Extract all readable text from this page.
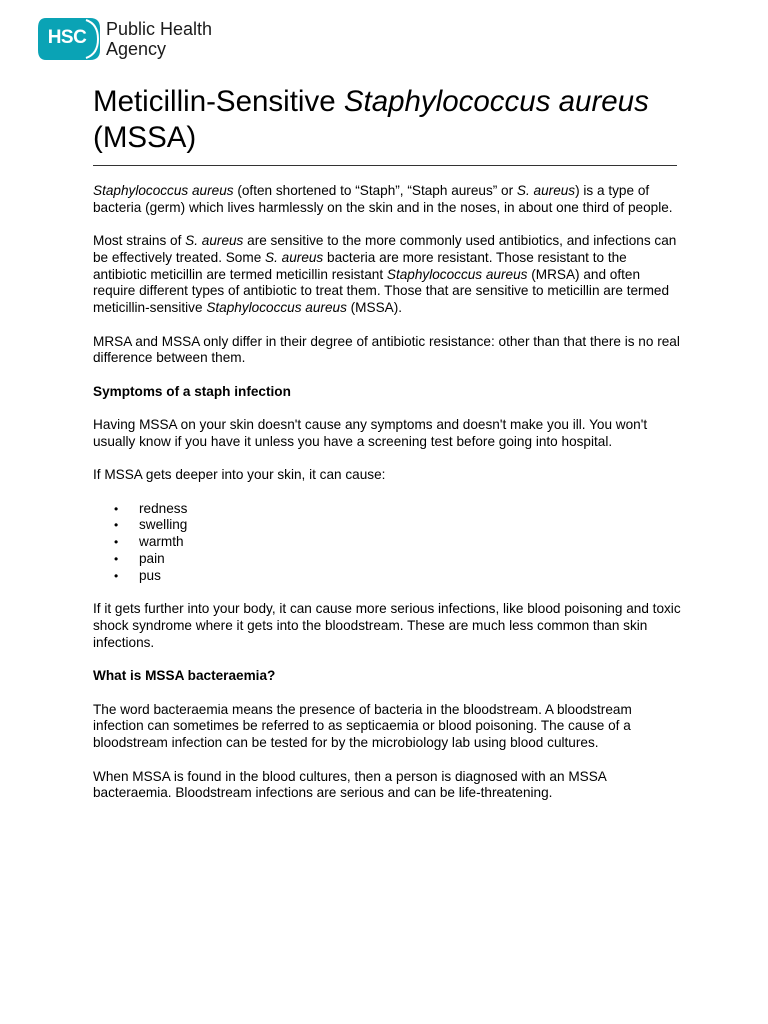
HSC	Public Health
Agency
Meticillin-Sensitive Staphylococcus aureus (MSSA)

Staphylococcus aureus (often shortened to “Staph”, “Staph aureus” or S. aureus) is a type of bacteria (germ) which lives harmlessly on the skin and in the noses, in about one third of people.

Most strains of S. aureus are sensitive to the more commonly used antibiotics, and infections can be effectively treated. Some S. aureus bacteria are more resistant. Those resistant to the antibiotic meticillin are termed meticillin resistant Staphylococcus aureus (MRSA) and often require different types of antibiotic to treat them. Those that are sensitive to meticillin are termed meticillin-sensitive Staphylococcus aureus (MSSA).

MRSA and MSSA only differ in their degree of antibiotic resistance: other than that there is no real difference between them.

Symptoms of a staph infection

Having MSSA on your skin doesn't cause any symptoms and doesn't make you ill. You won't usually know if you have it unless you have a screening test before going into hospital.

If MSSA gets deeper into your skin, it can cause:

• redness
• swelling
• warmth
• pain
• pus

If it gets further into your body, it can cause more serious infections, like blood poisoning and toxic shock syndrome where it gets into the bloodstream. These are much less common than skin infections.

What is MSSA bacteraemia?

The word bacteraemia means the presence of bacteria in the bloodstream. A bloodstream infection can sometimes be referred to as septicaemia or blood poisoning. The cause of a bloodstream infection can be tested for by the microbiology lab using blood cultures.

When MSSA is found in the blood cultures, then a person is diagnosed with an MSSA bacteraemia. Bloodstream infections are serious and can be life-threatening.
